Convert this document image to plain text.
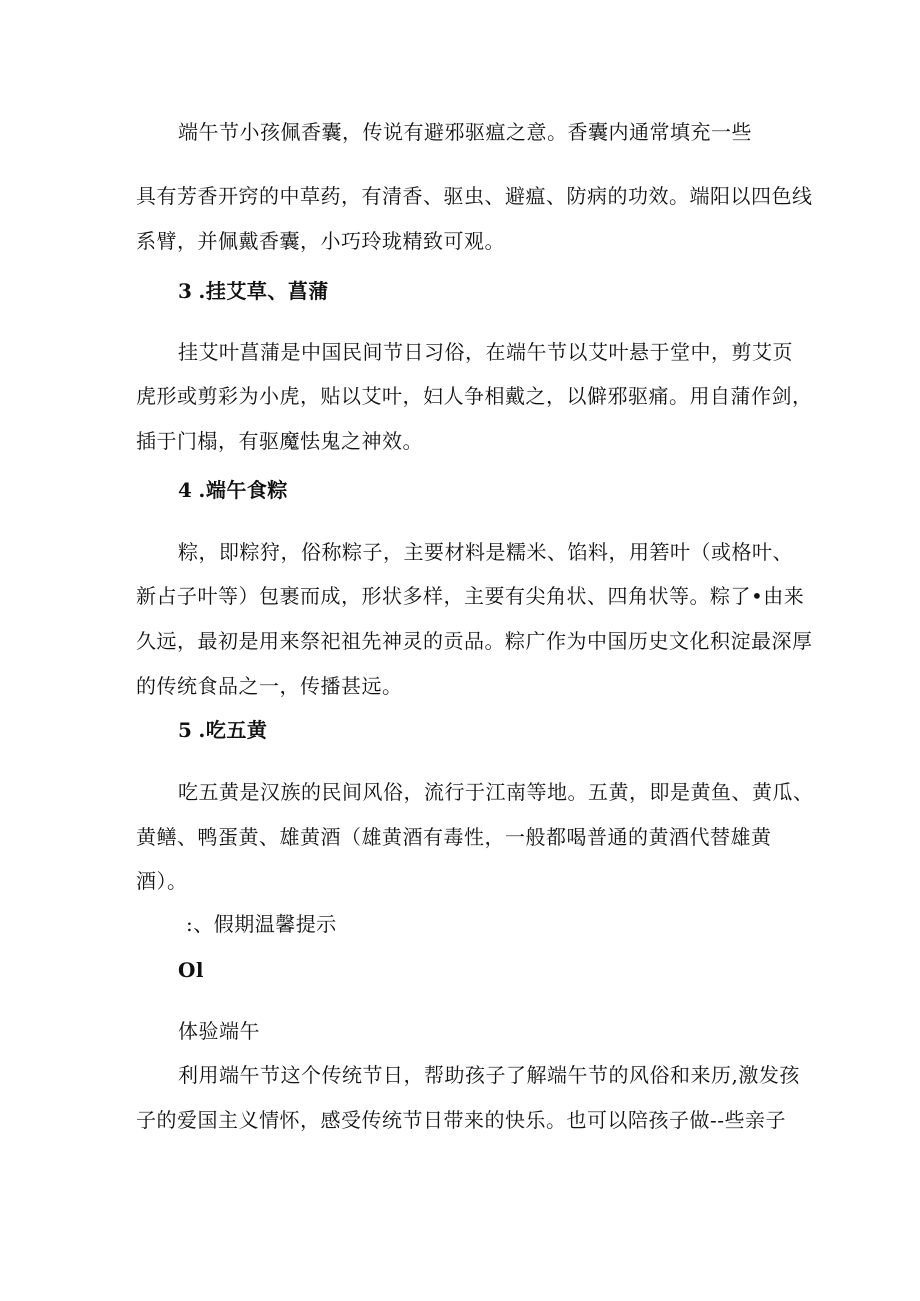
端午节小孩佩香囊，传说有避邪驱瘟之意。香囊内通常填充一些
具有芳香开窍的中草药，有清香、驱虫、避瘟、防病的功效。端阳以四色线
系臂，并佩戴香囊，小巧玲珑精致可观。
3 .挂艾草、菖蒲
挂艾叶菖蒲是中国民间节日习俗，在端午节以艾叶悬于堂中，剪艾页
虎形或剪彩为小虎，贴以艾叶，妇人争相戴之，以僻邪驱痛。用自蒲作剑，
插于门榻，有驱魔怯鬼之神效。
4 .端午食粽
粽，即粽狩，俗称粽子，主要材料是糯米、馅料，用箬叶（或格叶、
新占子叶等）包裹而成，形状多样，主要有尖角状、四角状等。粽了•由来
久远，最初是用来祭祀祖先神灵的贡品。粽广作为中国历史文化积淀最深厚
的传统食品之一，传播甚远。
5 .吃五黄
吃五黄是汉族的民间风俗，流行于江南等地。五黄，即是黄鱼、黄瓜、
黄鳝、鸭蛋黄、雄黄酒（雄黄酒有毒性，一般都喝普通的黄酒代替雄黄
酒）。
:、假期温馨提示
Ol
体验端午
利用端午节这个传统节日，帮助孩子了解端午节的风俗和来历,激发孩
子的爱国主义情怀，感受传统节日带来的快乐。也可以陪孩子做--些亲子
